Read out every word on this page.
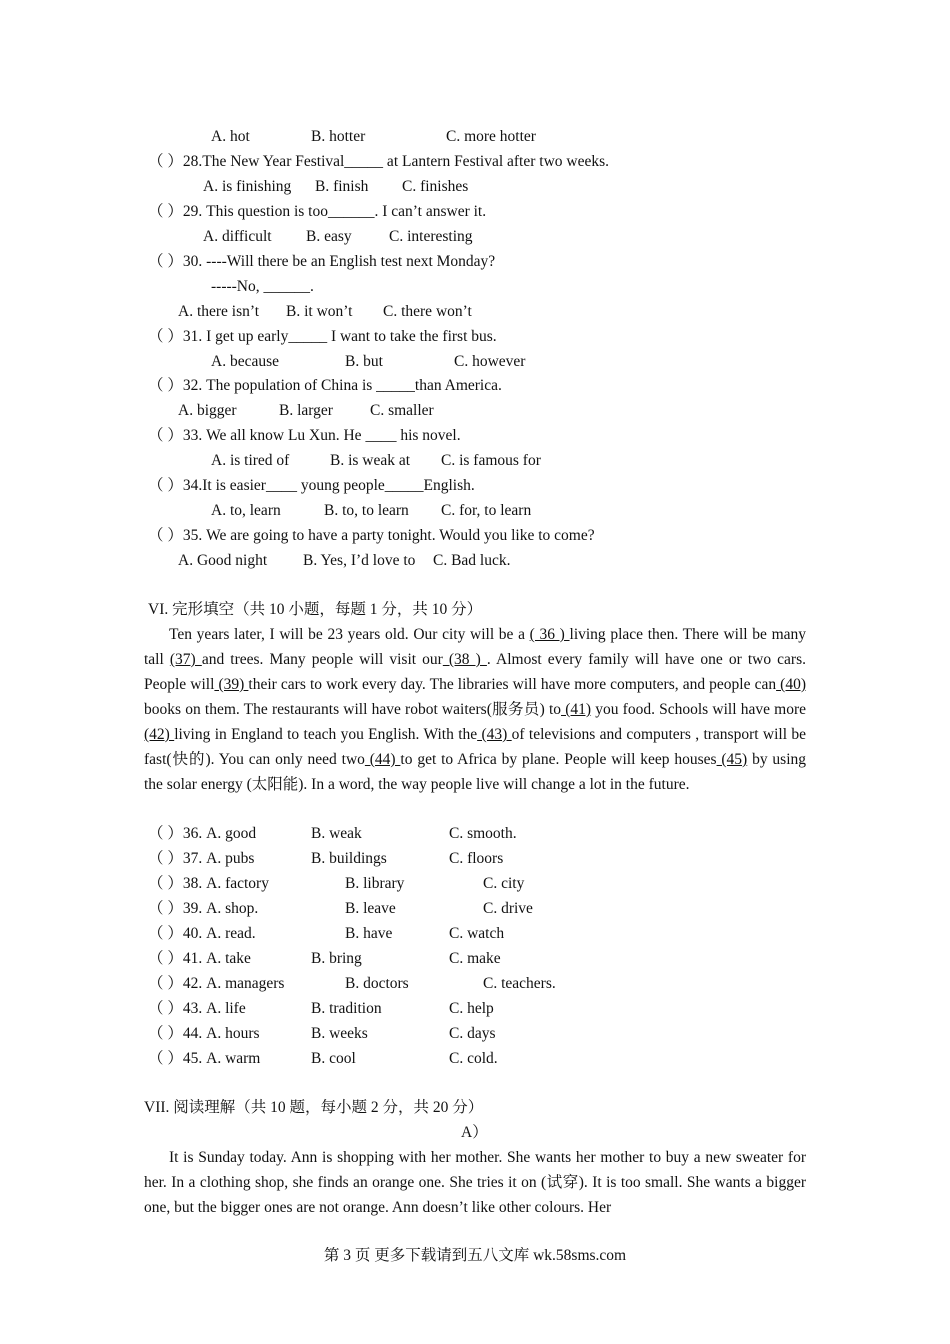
A. hot	B. hotter	C. more hotter
（ ）28.The New Year Festival_____ at Lantern Festival after two weeks.
A. is finishing B. finish C. finishes
（ ）29. This question is too______. I can’t answer it.
A. difficult B. easy C. interesting
（ ）30. ----Will there be an English test next Monday?
-----No, ______.
A. there isn’t B. it won’t C. there won’t
（ ）31. I get up early_____ I want to take the first bus.
A. because	B. but	C. however
（ ）32. The population of China is _____than America.
A. bigger	B. larger C. smaller
（ ）33. We all know Lu Xun. He ____ his novel.
A. is tired of	B. is weak at C. is famous for
（ ）34.It is easier____ young people_____English.
A. to, learn	B. to, to learn C. for, to learn
（ ）35. We are going to have a party tonight. Would you like to come?
A. Good night B. Yes, I’d love to C. Bad luck.
VI. 完形填空（共 10 小题，每题 1 分，共 10 分）
Ten years later, I will be 23 years old. Our city will be a ( 36 ) living place then. There will be many tall (37) and trees. Many people will visit our (38 ) . Almost every family will have one or two cars. People will (39) their cars to work every day. The libraries will have more computers, and people can (40) books on them. The restaurants will have robot waiters(服务员) to (41) you food. Schools will have more (42) living in England to teach you English. With the (43) of televisions and computers , transport will be fast(快的). You can only need two (44) to get to Africa by plane. People will keep houses (45) by using the solar energy (太阳能). In a word, the way people live will change a lot in the future.
（ ）36. A. good	B. weak	C. smooth.
（ ）37. A. pubs	B. buildings	C. floors
（ ）38. A. factory	B. library	C. city
（ ）39. A. shop.	B. leave	C. drive
（ ）40. A. read.	B. have	C. watch
（ ）41. A. take	B. bring	C. make
（ ）42. A. managers	B. doctors	C. teachers.
（ ）43. A. life	B. tradition	C. help
（ ）44. A. hours	B. weeks	C. days
（ ）45. A. warm	B. cool	C. cold.
VII. 阅读理解（共 10 题，每小题 2 分，共 20 分）
A）
It is Sunday today. Ann is shopping with her mother. She wants her mother to buy a new sweater for her. In a clothing shop, she finds an orange one. She tries it on (试穿). It is too small. She wants a bigger one, but the bigger ones are not orange. Ann doesn’t like other colours. Her
第 3 页 更多下载请到五八文库 wk.58sms.com
